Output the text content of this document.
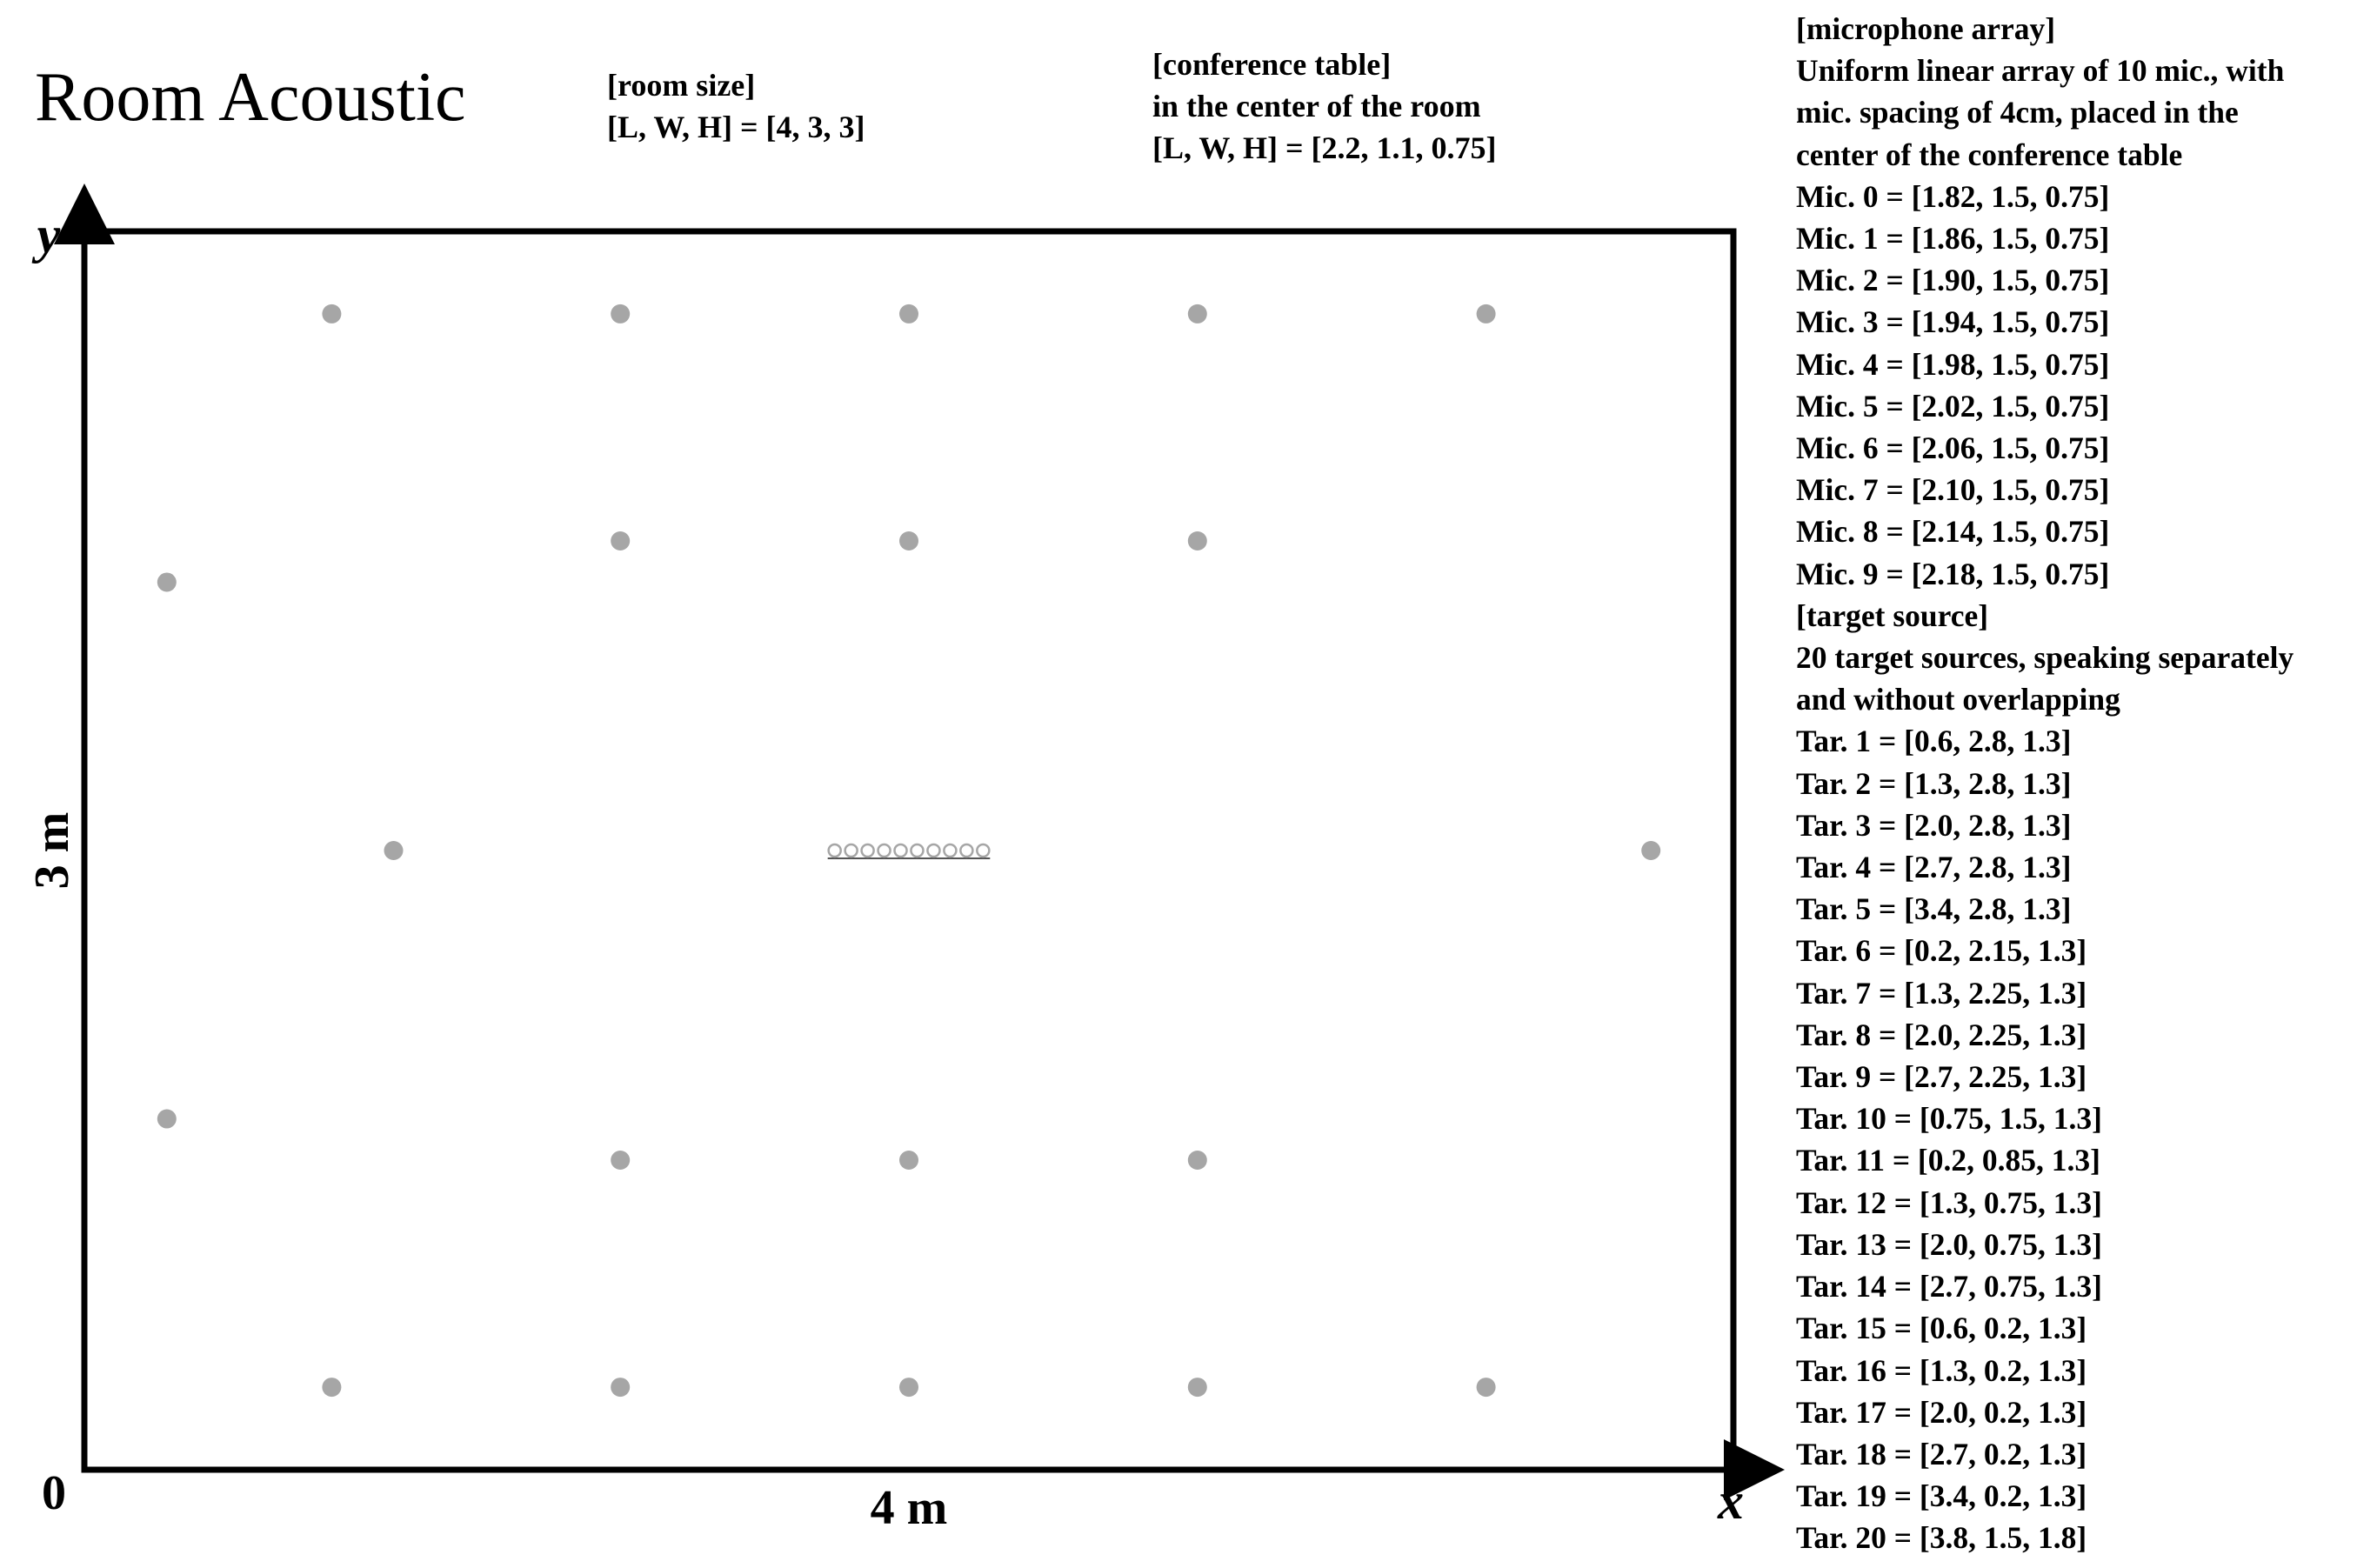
Room Acoustic	[room size]
[L, W, H] = [4, 3, 3]
[conference table]
in the center of the room
[L, W, H] = [2.2, 1.1, 0.75]
[microphone array]
Uniform linear array of 10 mic., with
mic. spacing of 4cm, placed in the
center of the conference table
Mic. 0 = [1.82, 1.5, 0.75]
Mic. 1 = [1.86, 1.5, 0.75]
Mic. 2 = [1.90, 1.5, 0.75]
Mic. 3 = [1.94, 1.5, 0.75]
Mic. 4 = [1.98, 1.5, 0.75]
Mic. 5 = [2.02, 1.5, 0.75]
Mic. 6 = [2.06, 1.5, 0.75]
Mic. 7 = [2.10, 1.5, 0.75]
Mic. 8 = [2.14, 1.5, 0.75]
Mic. 9 = [2.18, 1.5, 0.75]
[target source]
20 target sources, speaking separately
and without overlapping
Tar. 1 = [0.6, 2.8, 1.3]
Tar. 2 = [1.3, 2.8, 1.3]
Tar. 3 = [2.0, 2.8, 1.3]
Tar. 4 = [2.7, 2.8, 1.3]
Tar. 5 = [3.4, 2.8, 1.3]
Tar. 6 = [0.2, 2.15, 1.3]
Tar. 7 = [1.3, 2.25, 1.3]
Tar. 8 = [2.0, 2.25, 1.3]
Tar. 9 = [2.7, 2.25, 1.3]
Tar. 10 = [0.75, 1.5, 1.3]
Tar. 11 = [0.2, 0.85, 1.3]
Tar. 12 = [1.3, 0.75, 1.3]
Tar. 13 = [2.0, 0.75, 1.3]
Tar. 14 = [2.7, 0.75, 1.3]
Tar. 15 = [0.6, 0.2, 1.3]
Tar. 16 = [1.3, 0.2, 1.3]
Tar. 17 = [2.0, 0.2, 1.3]
Tar. 18 = [2.7, 0.2, 1.3]
Tar. 19 = [3.4, 0.2, 1.3]
Tar. 20 = [3.8, 1.5, 1.8]
0	x
y
4 m
3 m
